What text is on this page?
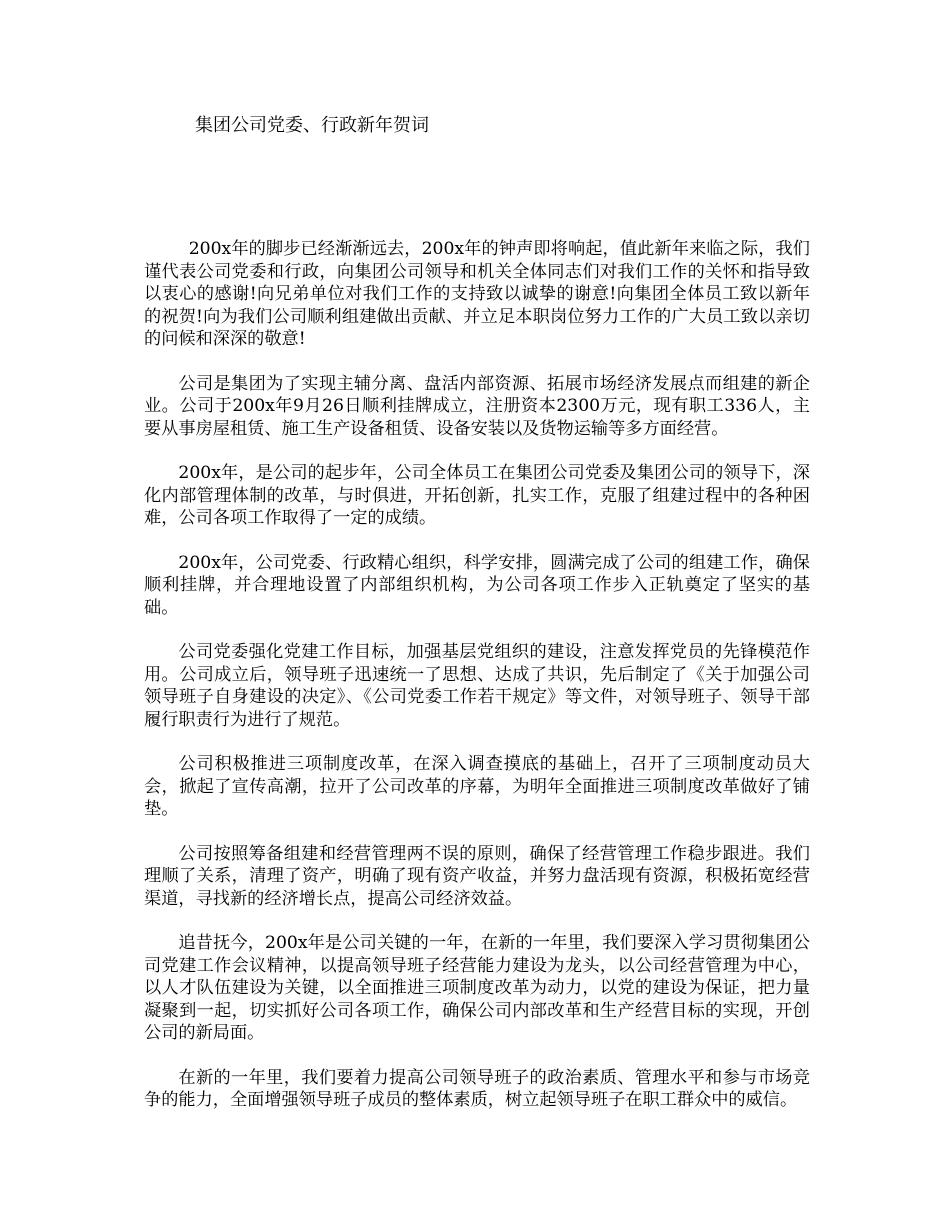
集团公司党委、行政新年贺词

200x年的脚步已经渐渐远去，200x年的钟声即将响起，值此新年来临之际，我们谨代表公司党委和行政，向集团公司领导和机关全体同志们对我们工作的关怀和指导致以衷心的感谢!向兄弟单位对我们工作的支持致以诚挚的谢意!向集团全体员工致以新年的祝贺!向为我们公司顺利组建做出贡献、并立足本职岗位努力工作的广大员工致以亲切的问候和深深的敬意!

公司是集团为了实现主辅分离、盘活内部资源、拓展市场经济发展点而组建的新企业。公司于200x年9月26日顺利挂牌成立，注册资本2300万元，现有职工336人，主要从事房屋租赁、施工生产设备租赁、设备安装以及货物运输等多方面经营。

200x年，是公司的起步年，公司全体员工在集团公司党委及集团公司的领导下，深化内部管理体制的改革，与时俱进，开拓创新，扎实工作，克服了组建过程中的各种困难，公司各项工作取得了一定的成绩。

200x年，公司党委、行政精心组织，科学安排，圆满完成了公司的组建工作，确保顺利挂牌，并合理地设置了内部组织机构，为公司各项工作步入正轨奠定了坚实的基础。

公司党委强化党建工作目标，加强基层党组织的建设，注意发挥党员的先锋模范作用。公司成立后，领导班子迅速统一了思想、达成了共识，先后制定了《关于加强公司领导班子自身建设的决定》、《公司党委工作若干规定》等文件，对领导班子、领导干部履行职责行为进行了规范。

公司积极推进三项制度改革，在深入调查摸底的基础上，召开了三项制度动员大会，掀起了宣传高潮，拉开了公司改革的序幕，为明年全面推进三项制度改革做好了铺垫。

公司按照筹备组建和经营管理两不误的原则，确保了经营管理工作稳步跟进。我们理顺了关系，清理了资产，明确了现有资产收益，并努力盘活现有资源，积极拓宽经营渠道，寻找新的经济增长点，提高公司经济效益。

追昔抚今，200x年是公司关键的一年，在新的一年里，我们要深入学习贯彻集团公司党建工作会议精神，以提高领导班子经营能力建设为龙头，以公司经营管理为中心，以人才队伍建设为关键，以全面推进三项制度改革为动力，以党的建设为保证，把力量凝聚到一起，切实抓好公司各项工作，确保公司内部改革和生产经营目标的实现，开创公司的新局面。

在新的一年里，我们要着力提高公司领导班子的政治素质、管理水平和参与市场竞争的能力，全面增强领导班子成员的整体素质，树立起领导班子在职工群众中的威信。
